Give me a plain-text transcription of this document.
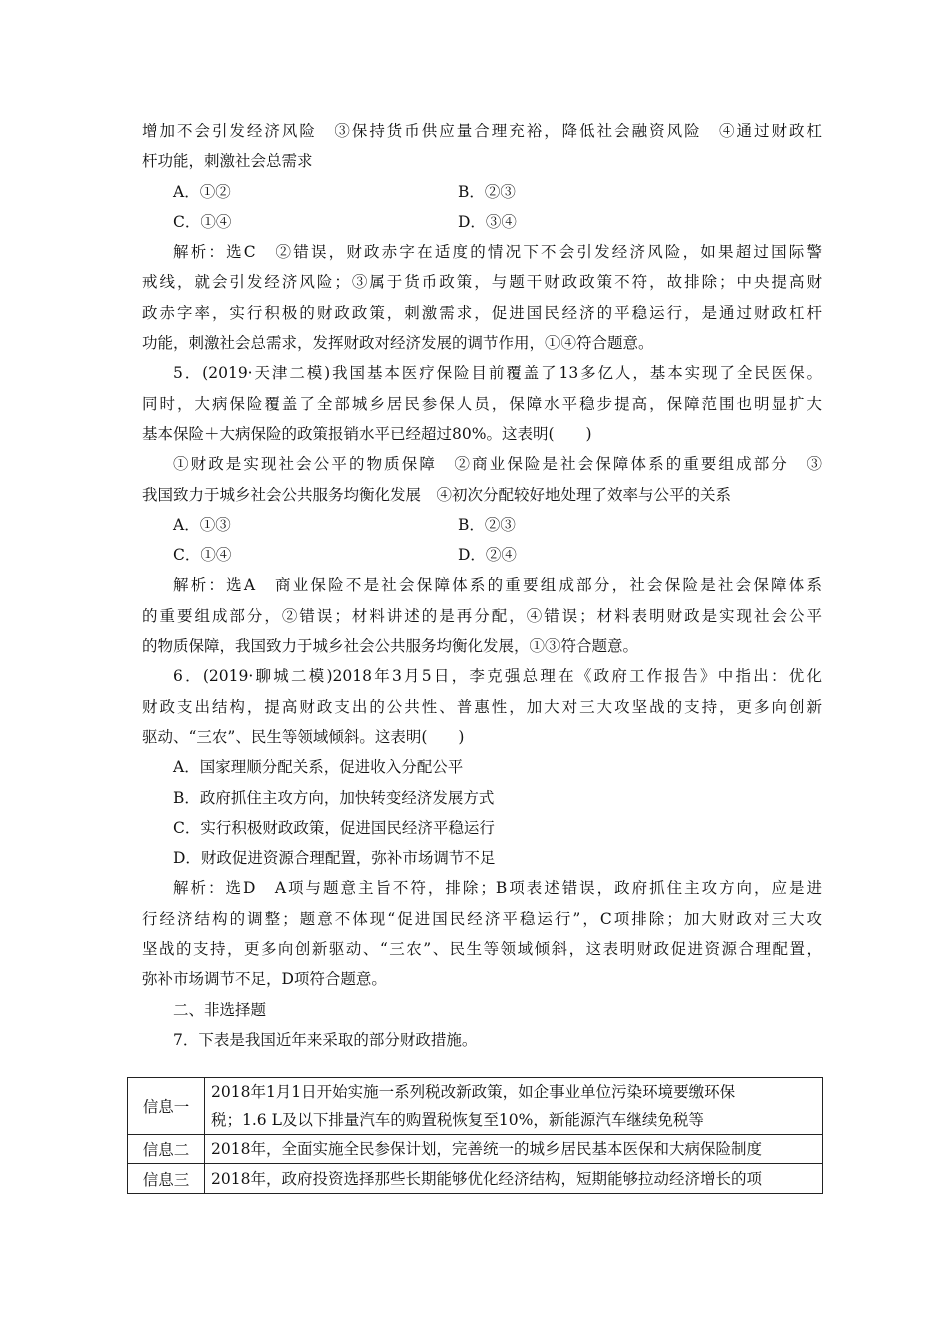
增加不会引发经济风险　③保持货币供应量合理充裕，降低社会融资风险　④通过财政杠
杆功能，刺激社会总需求
A．①②	B．②③
C．①④	D．③④
解析：选C　②错误，财政赤字在适度的情况下不会引发经济风险，如果超过国际警
戒线，就会引发经济风险；③属于货币政策，与题干财政政策不符，故排除；中央提高财
政赤字率，实行积极的财政政策，刺激需求，促进国民经济的平稳运行，是通过财政杠杆
功能，刺激社会总需求，发挥财政对经济发展的调节作用，①④符合题意。
5．(2019·天津二模)我国基本医疗保险目前覆盖了13多亿人，基本实现了全民医保。
同时，大病保险覆盖了全部城乡居民参保人员，保障水平稳步提高，保障范围也明显扩大
基本保险＋大病保险的政策报销水平已经超过80%。这表明(　　)
①财政是实现社会公平的物质保障　②商业保险是社会保障体系的重要组成部分　③
我国致力于城乡社会公共服务均衡化发展　④初次分配较好地处理了效率与公平的关系
A．①③	B．②③
C．①④	D．②④
解析：选A　商业保险不是社会保障体系的重要组成部分，社会保险是社会保障体系
的重要组成部分，②错误；材料讲述的是再分配，④错误；材料表明财政是实现社会公平
的物质保障，我国致力于城乡社会公共服务均衡化发展，①③符合题意。
6．(2019·聊城二模)2018年3月5日，李克强总理在《政府工作报告》中指出：优化
财政支出结构，提高财政支出的公共性、普惠性，加大对三大攻坚战的支持，更多向创新
驱动、“三农”、民生等领域倾斜。这表明(　　)
A．国家理顺分配关系，促进收入分配公平
B．政府抓住主攻方向，加快转变经济发展方式
C．实行积极财政政策，促进国民经济平稳运行
D．财政促进资源合理配置，弥补市场调节不足
解析：选D　A项与题意主旨不符，排除；B项表述错误，政府抓住主攻方向，应是进
行经济结构的调整；题意不体现“促进国民经济平稳运行”，C项排除；加大财政对三大攻
坚战的支持，更多向创新驱动、“三农”、民生等领域倾斜，这表明财政促进资源合理配置，
弥补市场调节不足，D项符合题意。
二、非选择题
7．下表是我国近年来采取的部分财政措施。
信息一	2018年1月1日开始实施一系列税改新政策，如企事业单位污染环境要缴环保
税；1.6 L及以下排量汽车的购置税恢复至10%，新能源汽车继续免税等

信息二	2018年，全面实施全民参保计划，完善统一的城乡居民基本医保和大病保险制度

信息三	2018年，政府投资选择那些长期能够优化经济结构，短期能够拉动经济增长的项
